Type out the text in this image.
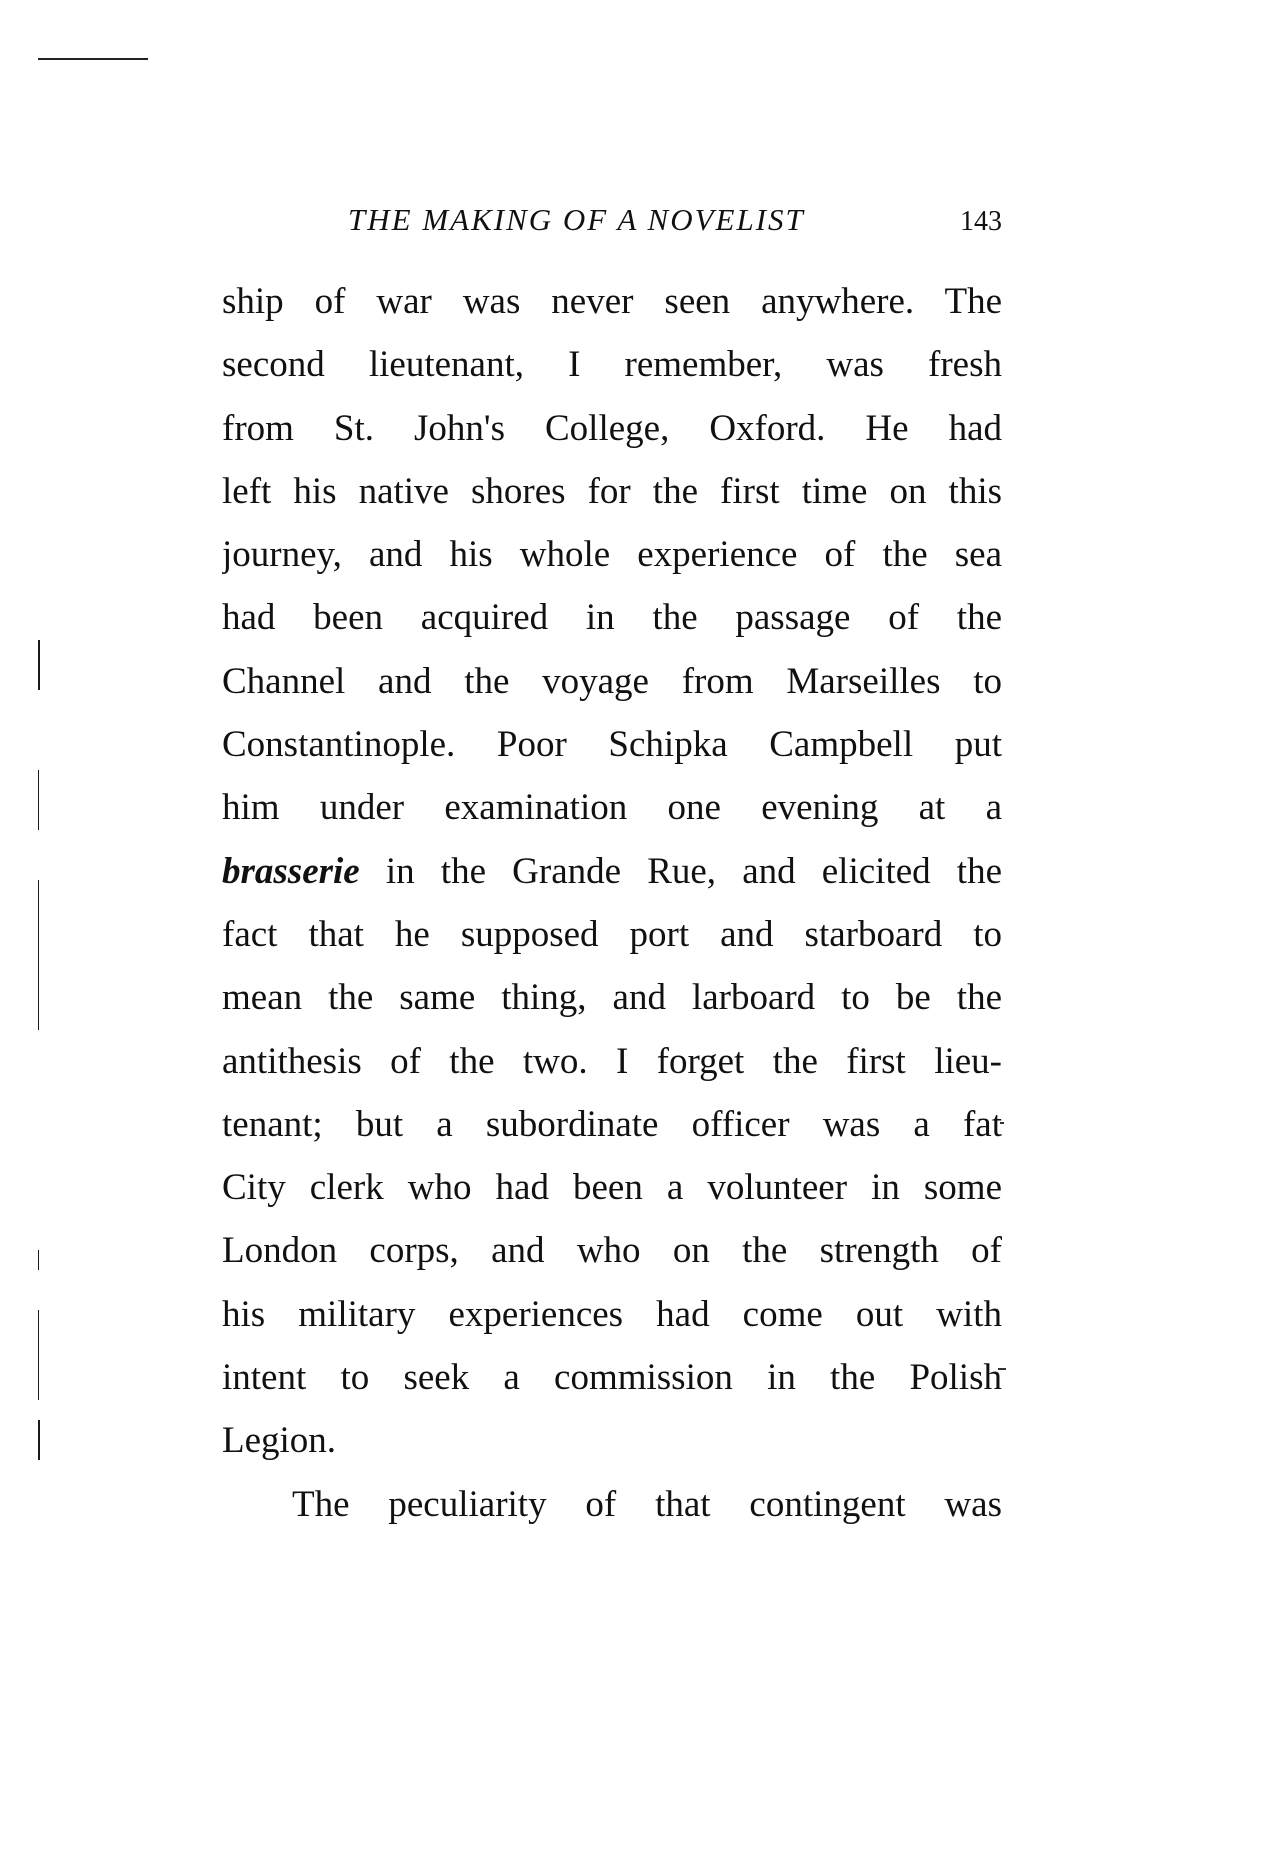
THE MAKING OF A NOVELIST	143
ship of war was never seen anywhere. The
second lieutenant, I remember, was fresh
from St. John's College, Oxford. He had
left his native shores for the first time on this
journey, and his whole experience of the sea
had been acquired in the passage of the
Channel and the voyage from Marseilles to
Constantinople. Poor Schipka Campbell put
him under examination one evening at a
brasserie in the Grande Rue, and elicited the
fact that he supposed port and starboard to
mean the same thing, and larboard to be the
antithesis of the two. I forget the first lieu-
tenant; but a subordinate officer was a fat
City clerk who had been a volunteer in some
London corps, and who on the strength of
his military experiences had come out with
intent to seek a commission in the Polish
Legion.
The peculiarity of that contingent was
